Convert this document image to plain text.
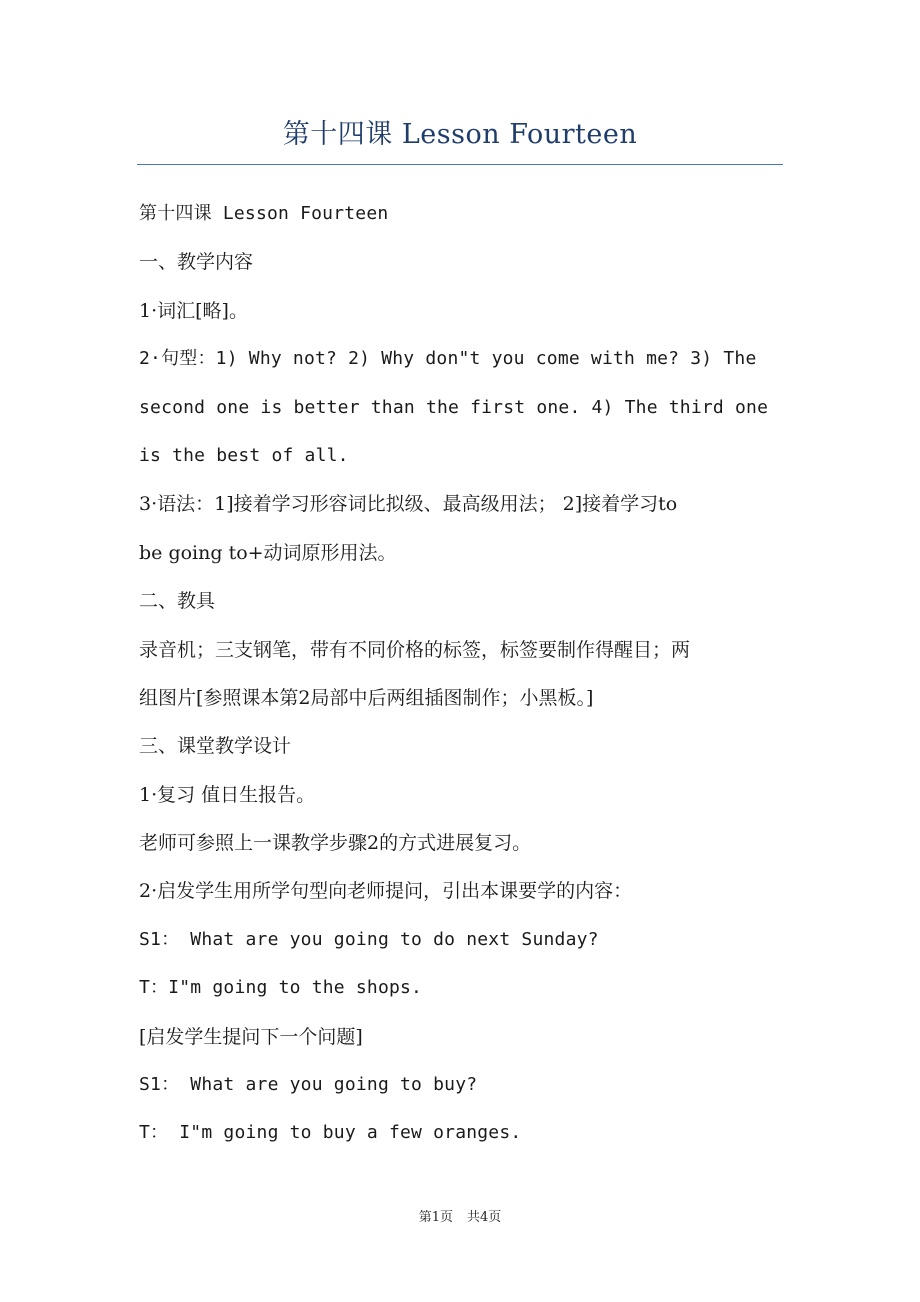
第十四课 Lesson Fourteen
第十四课 Lesson Fourteen
一、教学内容
1·词汇[略]。
2·句型：1) Why not? 2) Why don"t you come with me? 3) The
second one is better than the first one. 4) The third one
is the best of all.
3·语法：1]接着学习形容词比拟级、最高级用法； 2]接着学习to
be going to+动词原形用法。
二、教具
录音机；三支钢笔，带有不同价格的标签，标签要制作得醒目；两
组图片[参照课本第2局部中后两组插图制作；小黑板。]
三、课堂教学设计
1·复习 值日生报告。
老师可参照上一课教学步骤2的方式进展复习。
2·启发学生用所学句型向老师提问，引出本课要学的内容：
S1： What are you going to do next Sunday?
T：I"m going to the shops.
[启发学生提问下一个问题]
S1： What are you going to buy?
T： I"m going to buy a few oranges.
第1页 共4页
